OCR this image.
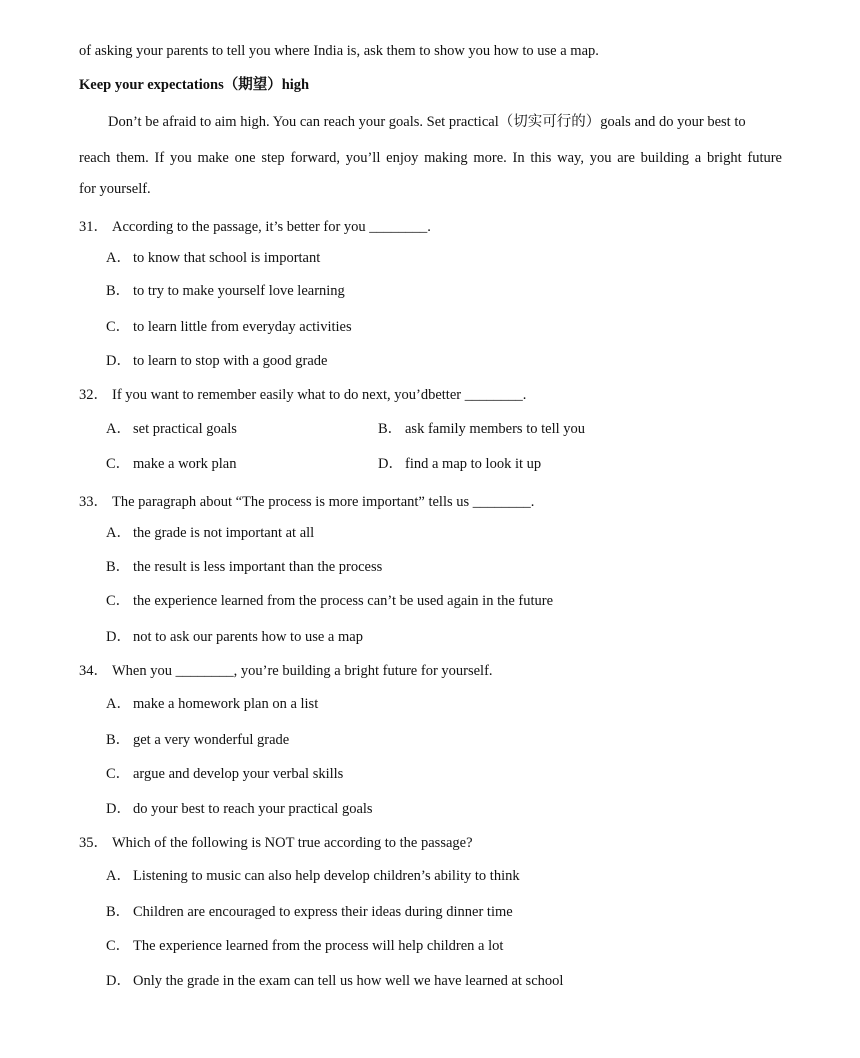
of asking your parents to tell you where India is, ask them to show you how to use a map.
Keep your expectations（期望）high
Don’t be afraid to aim high. You can reach your goals. Set practical（切实可行的）goals and do your best to
reach them. If you make one step forward, you’ll enjoy making more. In this way, you are building a bright future
for yourself.
31． According to the passage, it’s better for you ________.
A． to know that school is important
B． to try to make yourself love learning
C． to learn little from everyday activities
D． to learn to stop with a good grade
32． If you want to remember easily what to do next, you’dbetter ________.
A． set practical goals	B． ask family members to tell you
C． make a work plan	D． find a map to look it up
33． The paragraph about “The process is more important” tells us ________.
A． the grade is not important at all
B． the result is less important than the process
C． the experience learned from the process can’t be used again in the future
D． not to ask our parents how to use a map
34． When you ________, you’re building a bright future for yourself.
A． make a homework plan on a list
B． get a very wonderful grade
C． argue and develop your verbal skills
D． do your best to reach your practical goals
35． Which of the following is NOT true according to the passage?
A． Listening to music can also help develop children’s ability to think
B． Children are encouraged to express their ideas during dinner time
C． The experience learned from the process will help children a lot
D． Only the grade in the exam can tell us how well we have learned at school
